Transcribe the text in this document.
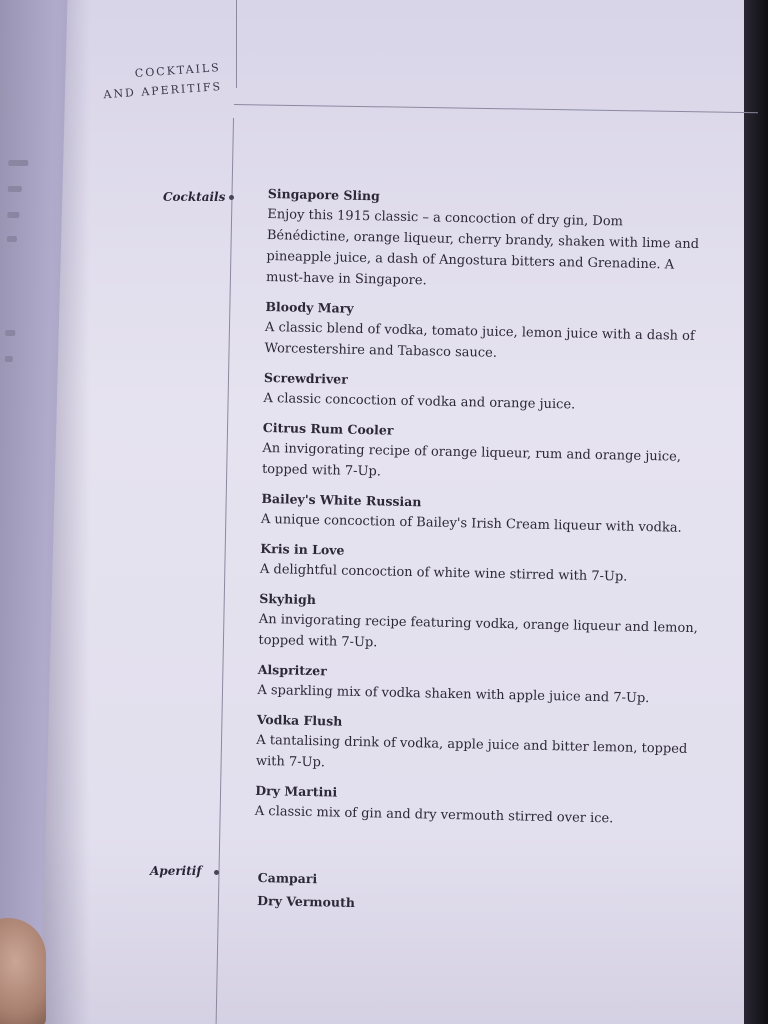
COCKTAILS
AND APERITIFS
Cocktails	Singapore Sling
Enjoy this 1915 classic – a concoction of dry gin, Dom Bénédictine, orange liqueur, cherry brandy, shaken with lime and pineapple juice, a dash of Angostura bitters and Grenadine. A must-have in Singapore.
Bloody Mary
A classic blend of vodka, tomato juice, lemon juice with a dash of Worcestershire and Tabasco sauce.
Screwdriver
A classic concoction of vodka and orange juice.
Citrus Rum Cooler
An invigorating recipe of orange liqueur, rum and orange juice, topped with 7-Up.
Bailey's White Russian
A unique concoction of Bailey's Irish Cream liqueur with vodka.
Kris in Love
A delightful concoction of white wine stirred with 7-Up.
Skyhigh
An invigorating recipe featuring vodka, orange liqueur and lemon, topped with 7-Up.
Alspritzer
A sparkling mix of vodka shaken with apple juice and 7-Up.
Vodka Flush
A tantalising drink of vodka, apple juice and bitter lemon, topped with 7-Up.
Dry Martini
A classic mix of gin and dry vermouth stirred over ice.
Aperitif	Campari
Dry Vermouth
